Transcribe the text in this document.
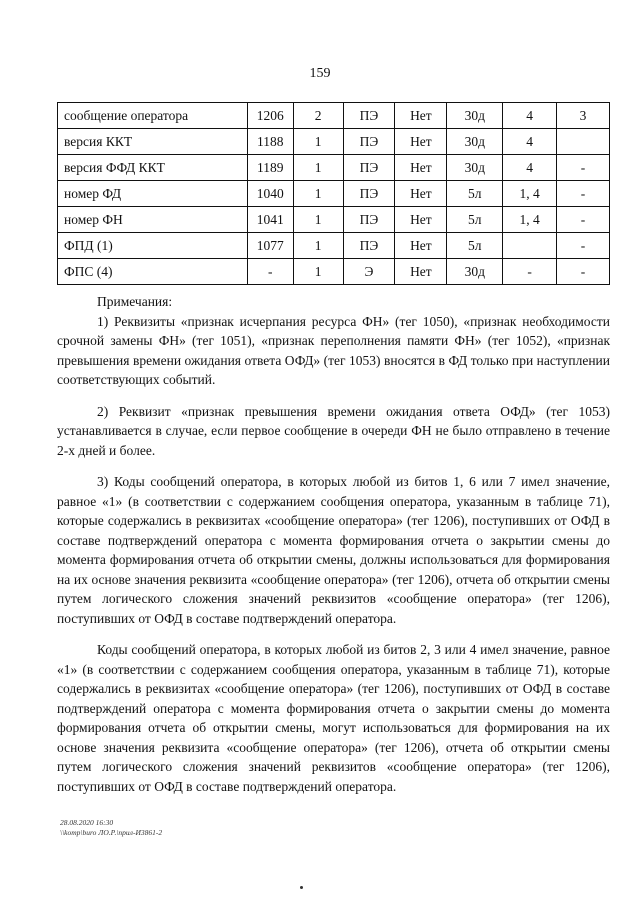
159
сообщение оператора	1206	2	ПЭ	Нет	30д	4	3
версия ККТ	1188	1	ПЭ	Нет	30д	4	
версия ФФД ККТ	1189	1	ПЭ	Нет	30д	4	-
номер ФД	1040	1	ПЭ	Нет	5л	1, 4	-
номер ФН	1041	1	ПЭ	Нет	5л	1, 4	-
ФПД (1)	1077	1	ПЭ	Нет	5л		-
ФПС (4)	-	1	Э	Нет	30д	-	-

Примечания:

1) Реквизиты «признак исчерпания ресурса ФН» (тег 1050), «признак необходимости срочной замены ФН» (тег 1051), «признак переполнения памяти ФН» (тег 1052), «признак превышения времени ожидания ответа ОФД» (тег 1053) вносятся в ФД только при наступлении соответствующих событий.

2) Реквизит «признак превышения времени ожидания ответа ОФД» (тег 1053) устанавливается в случае, если первое сообщение в очереди ФН не было отправлено в течение 2-х дней и более.

3) Коды сообщений оператора, в которых любой из битов 1, 6 или 7 имел значение, равное «1» (в соответствии с содержанием сообщения оператора, указанным в таблице 71), которые содержались в реквизитах «сообщение оператора» (тег 1206), поступивших от ОФД в составе подтверждений оператора с момента формирования отчета о закрытии смены до момента формирования отчета об открытии смены, должны использоваться для формирования на их основе значения реквизита «сообщение оператора» (тег 1206), отчета об открытии смены путем логического сложения значений реквизитов «сообщение оператора» (тег 1206), поступивших от ОФД в составе подтверждений оператора.

Коды сообщений оператора, в которых любой из битов 2, 3 или 4 имел значение, равное «1» (в соответствии с содержанием сообщения оператора, указанным в таблице 71), которые содержались в реквизитах «сообщение оператора» (тег 1206), поступивших от ОФД в составе подтверждений оператора с момента формирования отчета о закрытии смены до момента формирования отчета об открытии смены, могут использоваться для формирования на их основе значения реквизита «сообщение оператора» (тег 1206), отчета об открытии смены путем логического сложения значений реквизитов «сообщение оператора» (тег 1206), поступивших от ОФД в составе подтверждений оператора.

28.08.2020 16:30
\\komp\buro ЛО.Р.\прил-И3861-2
